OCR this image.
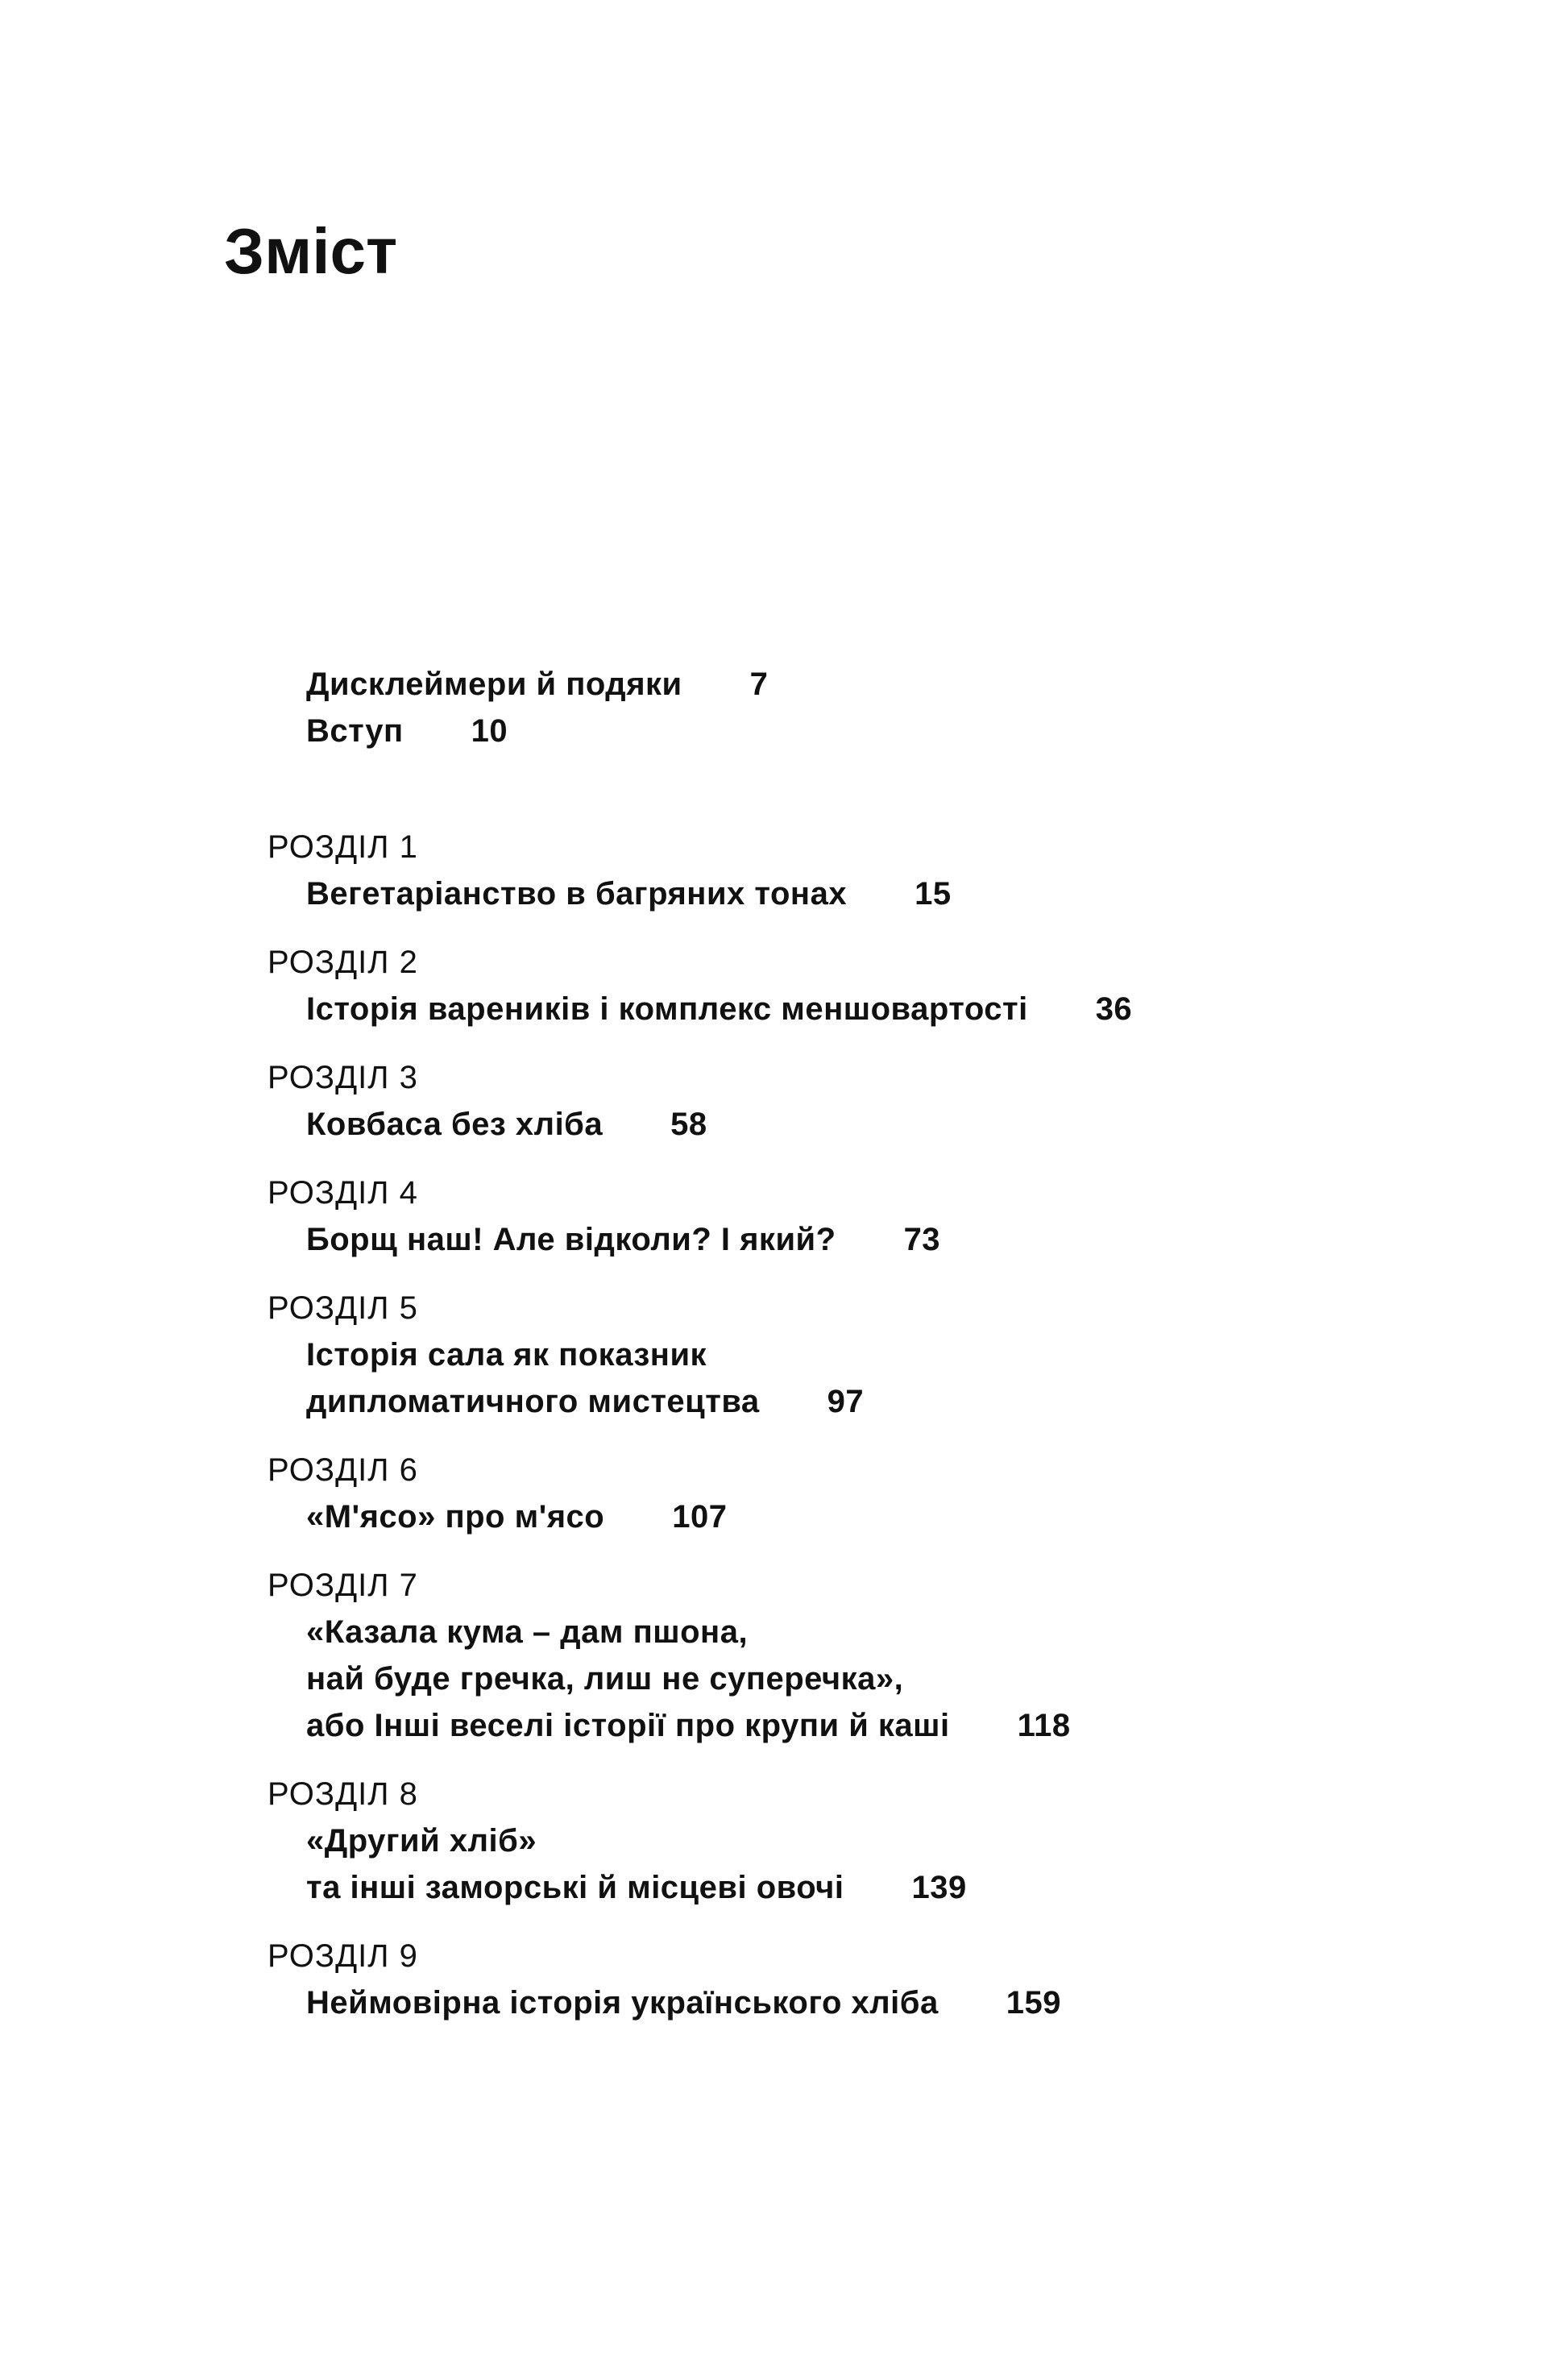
Зміст
Дисклеймери й подяки 7
Вступ 10
РОЗДІЛ 1
Вегетаріанство в багряних тонах 15
РОЗДІЛ 2
Історія вареників і комплекс меншовартості 36
РОЗДІЛ 3
Ковбаса без хліба 58
РОЗДІЛ 4
Борщ наш! Але відколи? І який? 73
РОЗДІЛ 5
Історія сала як показник
дипломатичного мистецтва 97
РОЗДІЛ 6
«М'ясо» про м'ясо 107
РОЗДІЛ 7
«Казала кума – дам пшона,
най буде гречка, лиш не суперечка»,
або Інші веселі історії про крупи й каші 118
РОЗДІЛ 8
«Другий хліб»
та інші заморські й місцеві овочі 139
РОЗДІЛ 9
Неймовірна історія українського хліба 159
